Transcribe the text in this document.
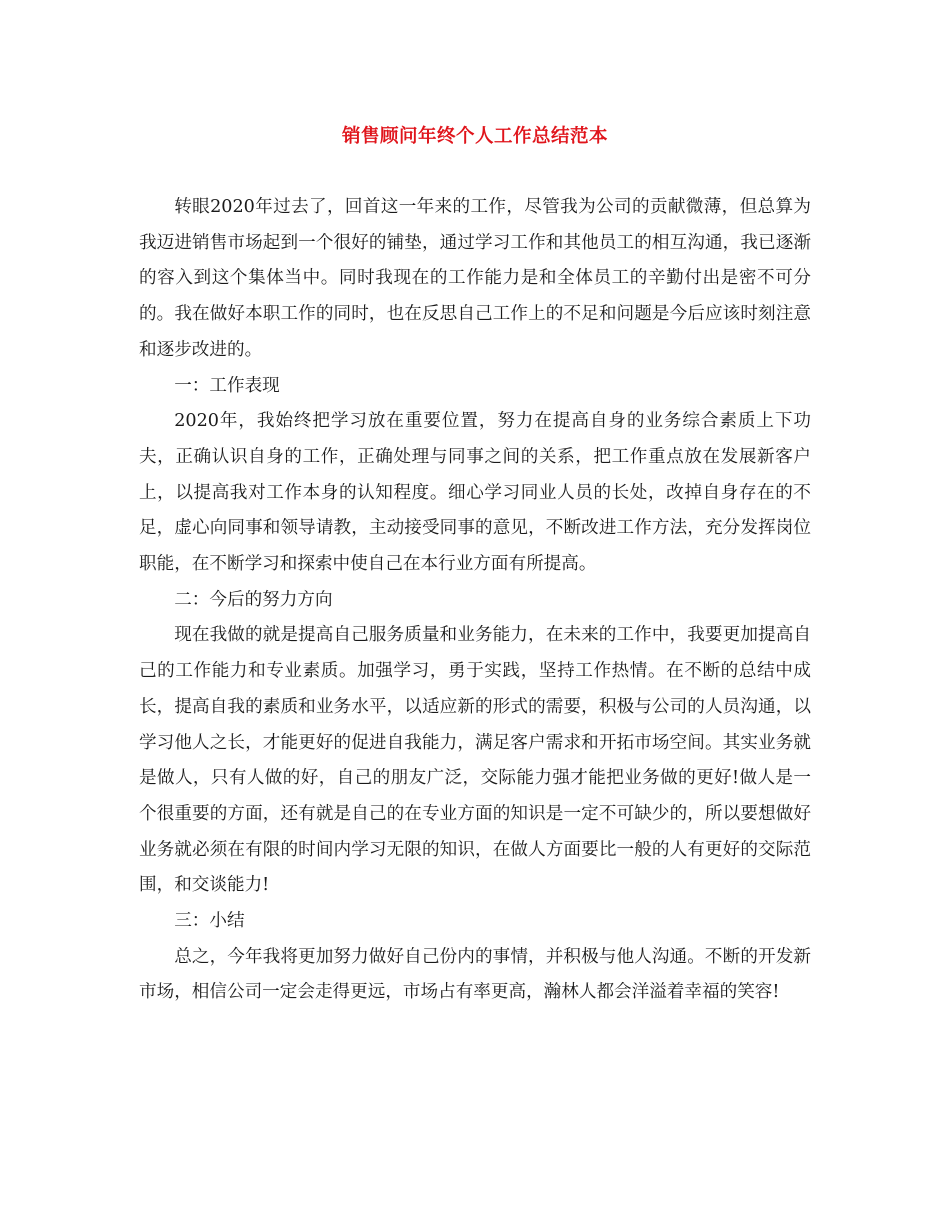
销售顾问年终个人工作总结范本

转眼2020年过去了，回首这一年来的工作，尽管我为公司的贡献微薄，但总算为我迈进销售市场起到一个很好的铺垫，通过学习工作和其他员工的相互沟通，我已逐渐的容入到这个集体当中。同时我现在的工作能力是和全体员工的辛勤付出是密不可分的。我在做好本职工作的同时，也在反思自己工作上的不足和问题是今后应该时刻注意和逐步改进的。

一：工作表现

2020年，我始终把学习放在重要位置，努力在提高自身的业务综合素质上下功夫，正确认识自身的工作，正确处理与同事之间的关系，把工作重点放在发展新客户上，以提高我对工作本身的认知程度。细心学习同业人员的长处，改掉自身存在的不足，虚心向同事和领导请教，主动接受同事的意见，不断改进工作方法，充分发挥岗位职能，在不断学习和探索中使自己在本行业方面有所提高。

二：今后的努力方向

现在我做的就是提高自己服务质量和业务能力，在未来的工作中，我要更加提高自己的工作能力和专业素质。加强学习，勇于实践，坚持工作热情。在不断的总结中成长，提高自我的素质和业务水平，以适应新的形式的需要，积极与公司的人员沟通，以学习他人之长，才能更好的促进自我能力，满足客户需求和开拓市场空间。其实业务就是做人，只有人做的好，自己的朋友广泛，交际能力强才能把业务做的更好!做人是一个很重要的方面，还有就是自己的在专业方面的知识是一定不可缺少的，所以要想做好业务就必须在有限的时间内学习无限的知识，在做人方面要比一般的人有更好的交际范围，和交谈能力!

三：小结

总之，今年我将更加努力做好自己份内的事情，并积极与他人沟通。不断的开发新市场，相信公司一定会走得更远，市场占有率更高，瀚林人都会洋溢着幸福的笑容!
